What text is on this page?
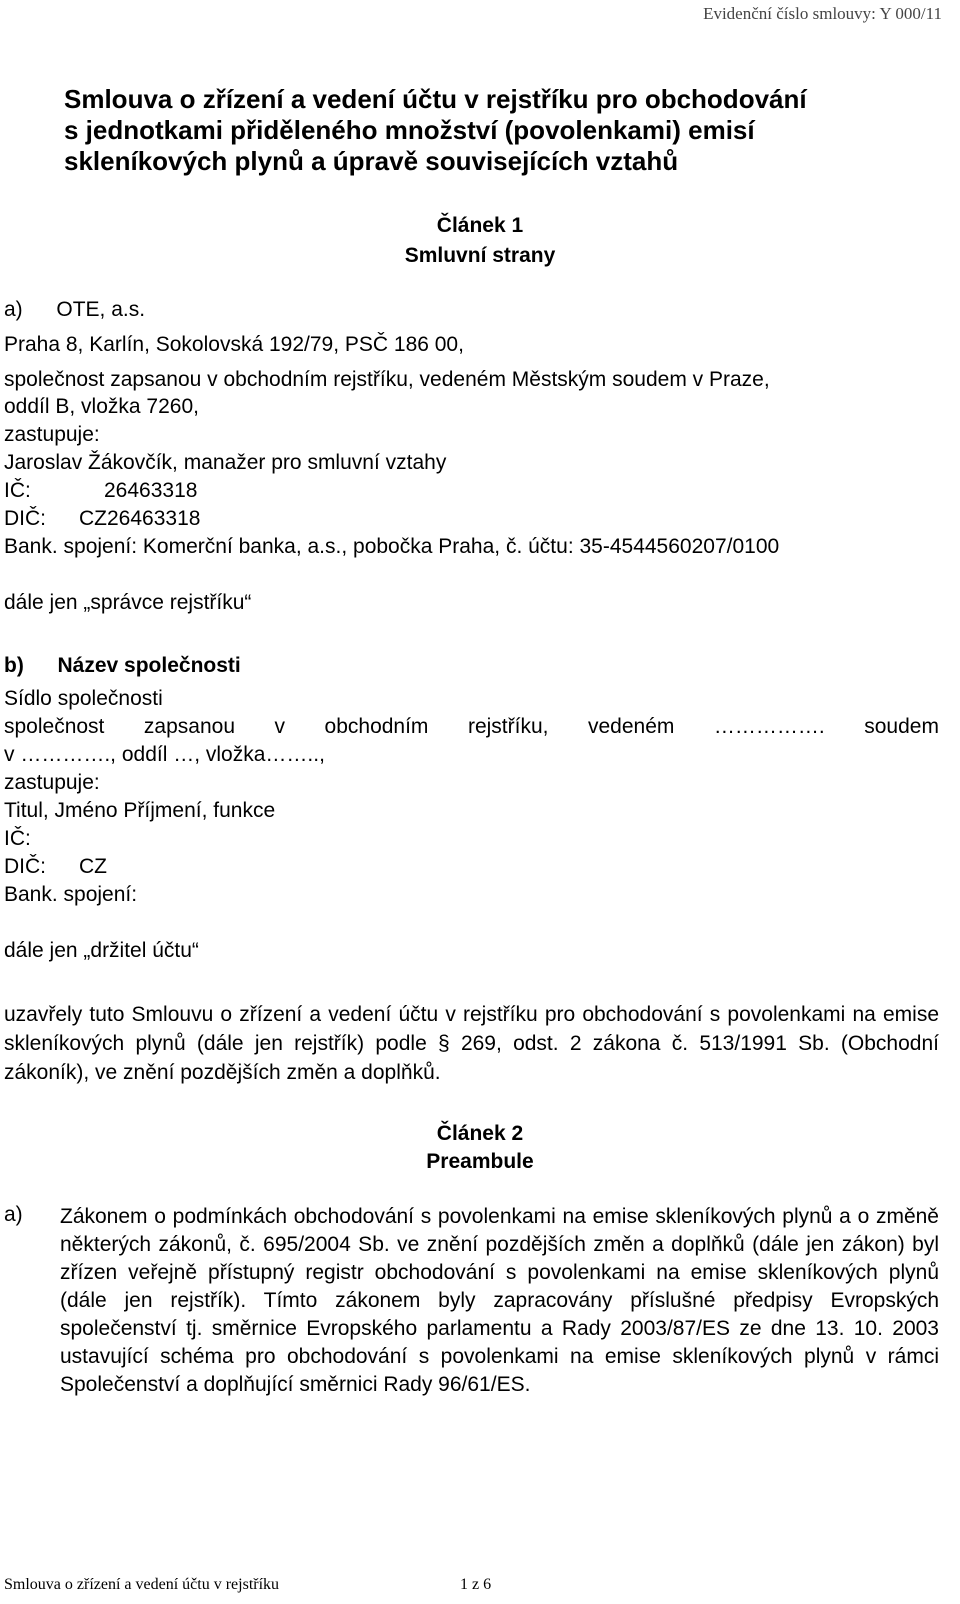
Evidenční číslo smlouvy: Y 000/11
Smlouva o zřízení a vedení účtu v rejstříku pro obchodování
s jednotkami přiděleného množství (povolenkami) emisí
skleníkových plynů a úpravě souvisejících vztahů
Článek 1
Smluvní strany
a) OTE, a.s.
Praha 8, Karlín, Sokolovská 192/79, PSČ 186 00,
společnost zapsanou v obchodním rejstříku, vedeném Městským soudem v Praze,
oddíl B, vložka 7260,
zastupuje:
Jaroslav Žákovčík, manažer pro smluvní vztahy
IČ:	26463318
DIČ: CZ26463318
Bank. spojení: Komerční banka, a.s., pobočka Praha, č. účtu: 35-4544560207/0100
dále jen „správce rejstříku“
b) Název společnosti
Sídlo společnosti
společnost zapsanou v obchodním rejstříku, vedeném ……………. soudem
v …………., oddíl …, vložka……..,
zastupuje:
Titul, Jméno Příjmení, funkce
IČ:
DIČ: CZ
Bank. spojení:
dále jen „držitel účtu“
uzavřely tuto Smlouvu o zřízení a vedení účtu v rejstříku pro obchodování s povolenkami na emise skleníkových plynů (dále jen rejstřík) podle § 269, odst. 2 zákona č. 513/1991 Sb. (Obchodní zákoník), ve znění pozdějších změn a doplňků.
Článek 2
Preambule
a) Zákonem o podmínkách obchodování s povolenkami na emise skleníkových plynů a o změně některých zákonů, č. 695/2004 Sb. ve znění pozdějších změn a doplňků (dále jen zákon) byl zřízen veřejně přístupný registr obchodování s povolenkami na emise skleníkových plynů (dále jen rejstřík). Tímto zákonem byly zapracovány příslušné předpisy Evropských společenství tj. směrnice Evropského parlamentu a Rady 2003/87/ES ze dne 13. 10. 2003 ustavující schéma pro obchodování s povolenkami na emise skleníkových plynů v rámci Společenství a doplňující směrnici Rady 96/61/ES.
Smlouva o zřízení a vedení účtu v rejstříku	1 z 6
